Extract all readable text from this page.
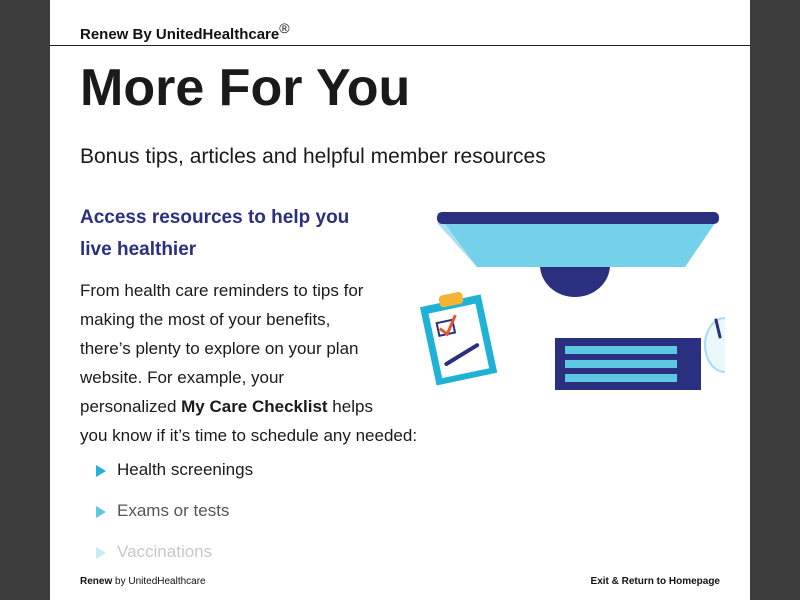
Renew By UnitedHealthcare®
More For You
Bonus tips, articles and helpful member resources
Access resources to help you
live healthier
From health care reminders to tips for
making the most of your benefits,
there’s plenty to explore on your plan
website. For example, your
personalized My Care Checklist helps
you know if it’s time to schedule any needed:
Health screenings
Exams or tests
Vaccinations
Renew by UnitedHealthcare	Exit & Return to Homepage
